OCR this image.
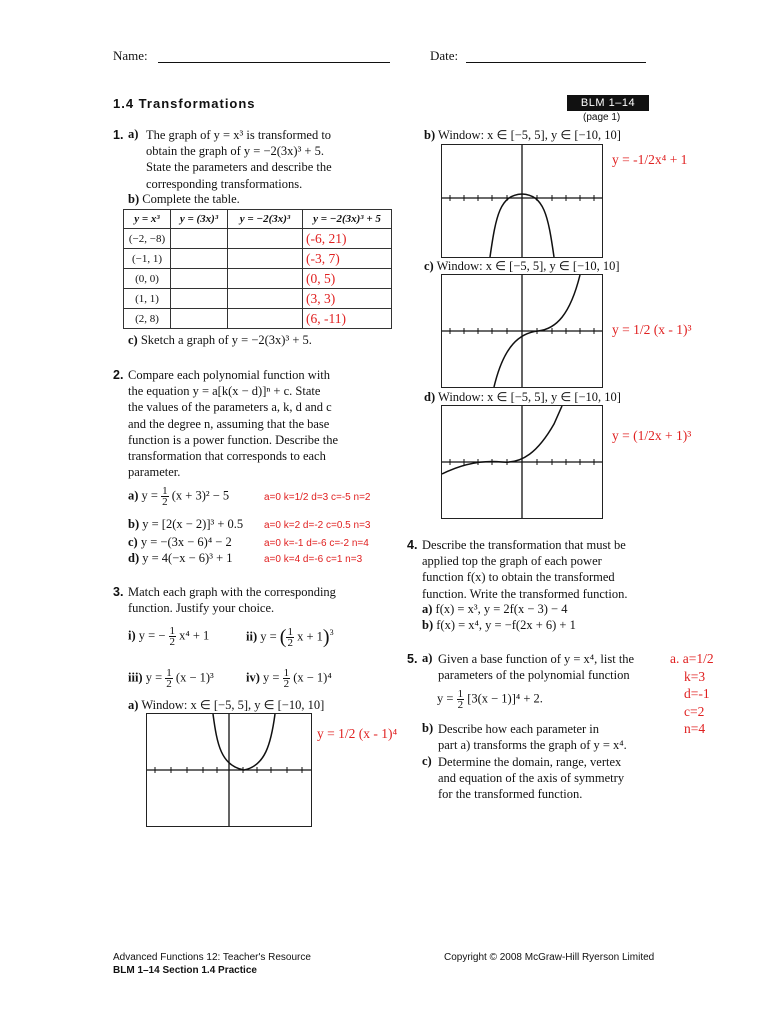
Name:	Date:
1.4 Transformations	BLM 1–14
(page 1)
1. a) The graph of y = x³ is transformed to
obtain the graph of y = −2(3x)³ + 5.
State the parameters and describe the
corresponding transformations.
b) Complete the table.
y = x³	y = (3x)³	y = −2(3x)³	y = −2(3x)³ + 5
(−2, −8)			(-6, 21)
(−1, 1)			(-3, 7)
(0, 0)			(0, 5)
(1, 1)			(3, 3)
(2, 8)			(6, -11)
c) Sketch a graph of y = −2(3x)³ + 5.
2. Compare each polynomial function with
the equation y = a[k(x − d)]ⁿ + c. State
the values of the parameters a, k, d and c
and the degree n, assuming that the base
function is a power function. Describe the
transformation that corresponds to each
parameter.
a) $y = \frac{1}{2} (x + 3)^2 - 5$	a=0 k=1/2 d=3 c=-5 n=2
b) y = [2(x − 2)]³ + 0.5 a=0 k=2 d=-2 c=0.5 n=3
c) y = −(3x − 6)⁴ − 2	a=0 k=-1 d=-6 c=-2 n=4
d) y = 4(−x − 6)³ + 1	a=0 k=4 d=-6 c=1 n=3
3. Match each graph with the corresponding
function. Justify your choice.
i) y = − $\frac{1}{2} x^4 + 1$	ii) y = ( $\frac{1}{2}$ x + 1)$^3$
iii) $y = \frac{1}{2} (x - 1)^3$	iv) $y = \frac{1}{2} (x - 1)^4$
a) Window: x ∈ [−5, 5], y ∈ [−10, 10]
y = 1/2 (x - 1)⁴
b) Window: x ∈ [−5, 5], y ∈ [−10, 10]
y = -1/2x⁴ + 1
c) Window: x ∈ [−5, 5], y ∈ [−10, 10]
y = 1/2 (x - 1)³
d) Window: x ∈ [−5, 5], y ∈ [−10, 10]
y = (1/2x + 1)³
4. Describe the transformation that must be
applied top the graph of each power
function f(x) to obtain the transformed
function. Write the transformed function.
a) f(x) = x³, y = 2f(x − 3) − 4
b) f(x) = x⁴, y = −f(2x + 6) + 1
5. a) Given a base function of y = x⁴, list the
parameters of the polynomial function
$y = \frac{1}{2} [3(x - 1)]^4 + 2$.
b) Describe how each parameter in
part a) transforms the graph of y = x⁴.
c) Determine the domain, range, vertex
and equation of the axis of symmetry
for the transformed function.
a. a=1/2
k=3
d=-1
c=2
n=4
Advanced Functions 12: Teacher's Resource
BLM 1–14 Section 1.4 Practice
Copyright © 2008 McGraw-Hill Ryerson Limited
